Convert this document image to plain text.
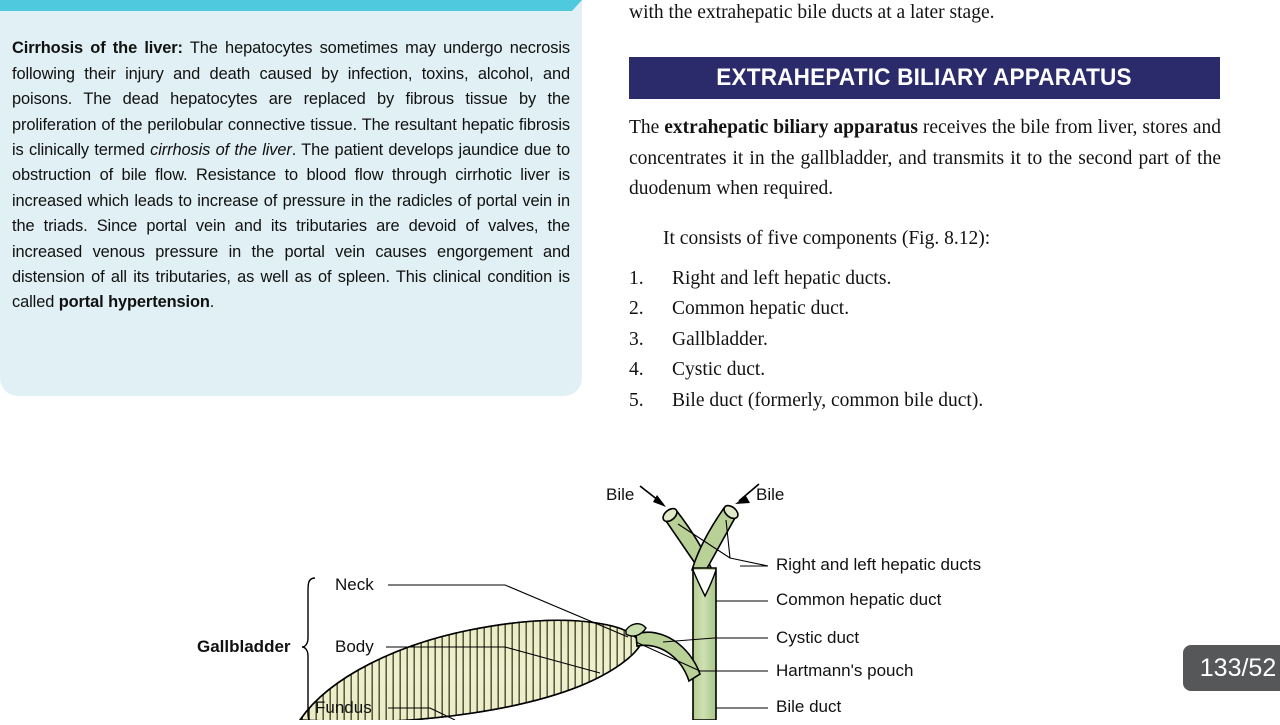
Cirrhosis of the liver: The hepatocytes sometimes may undergo necrosis following their injury and death caused by infection, toxins, alcohol, and poisons. The dead hepatocytes are replaced by fibrous tissue by the proliferation of the perilobular connective tissue. The resultant hepatic fibrosis is clinically termed cirrhosis of the liver. The patient develops jaundice due to obstruction of bile flow. Resistance to blood flow through cirrhotic liver is increased which leads to increase of pressure in the radicles of portal vein in the triads. Since portal vein and its tributaries are devoid of valves, the increased venous pressure in the portal vein causes engorgement and distension of all its tributaries, as well as of spleen. This clinical condition is called portal hypertension.

with the extrahepatic bile ducts at a later stage.
EXTRAHEPATIC BILIARY APPARATUS

The extrahepatic biliary apparatus receives the bile from liver, stores and concentrates it in the gallbladder, and transmits it to the second part of the duodenum when required.

It consists of five components (Fig. 8.12):
1.	Right and left hepatic ducts.
2.	Common hepatic duct.
3.	Gallbladder.
4.	Cystic duct.
5.	Bile duct (formerly, common bile duct).
Bile	Bile
Gallbladder
Neck
Body
Fundus
Right and left hepatic ducts
Common hepatic duct
Cystic duct
Hartmann's pouch
Bile duct
133/52
